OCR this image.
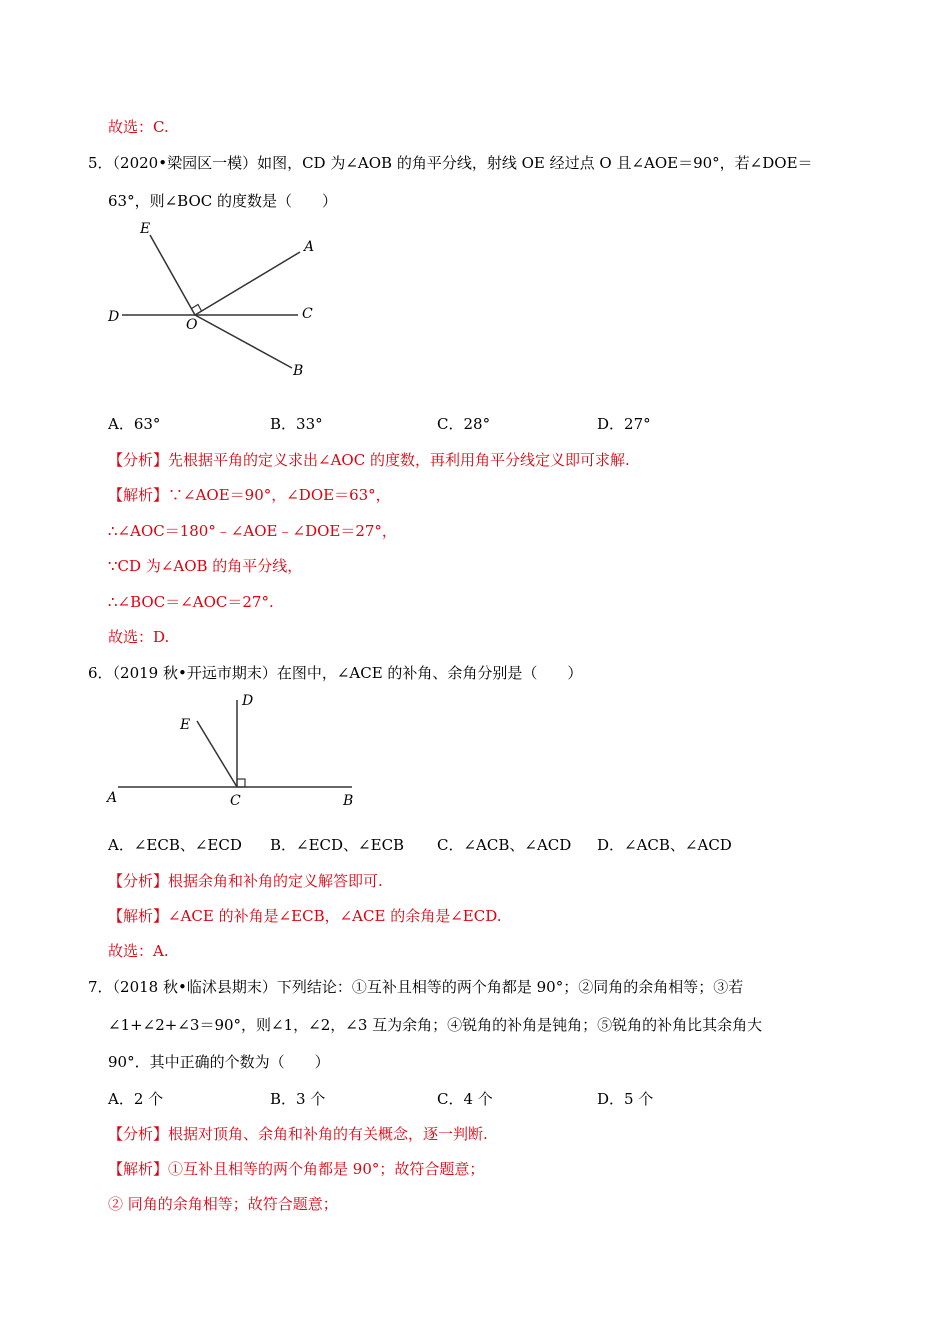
故选：C.
5．（2020•梁园区一模）如图，CD 为∠AOB 的角平分线，射线 OE 经过点 O 且∠AOE＝90°，若∠DOE＝
63°，则∠BOC 的度数是（　　）
E
A
D	O
C
B
A．63°	B．33°	C．28°	D．27°
【分析】先根据平角的定义求出∠AOC 的度数，再利用角平分线定义即可求解.
【解析】∵∠AOE＝90°，∠DOE＝63°，
∴∠AOC＝180°﹣∠AOE﹣∠DOE＝27°，
∵CD 为∠AOB 的角平分线，
∴∠BOC＝∠AOC＝27°.
故选：D.
6．（2019 秋•开远市期末）在图中，∠ACE 的补角、余角分别是（　　）
D
E
A	C	B
A．∠ECB、∠ECD B．∠ECD、∠ECB C．∠ACB、∠ACD D．∠ACB、∠ACD
【分析】根据余角和补角的定义解答即可.
【解析】∠ACE 的补角是∠ECB，∠ACE 的余角是∠ECD.
故选：A.
7．（2018 秋•临沭县期末）下列结论：①互补且相等的两个角都是 90°；②同角的余角相等；③若
∠1+∠2+∠3＝90°，则∠1，∠2，∠3 互为余角；④锐角的补角是钝角；⑤锐角的补角比其余角大
90°．其中正确的个数为（　　）
A．2 个	B．3 个	C．4 个	D．5 个
【分析】根据对顶角、余角和补角的有关概念，逐一判断.
【解析】①互补且相等的两个角都是 90°；故符合题意；
② 同角的余角相等；故符合题意；
